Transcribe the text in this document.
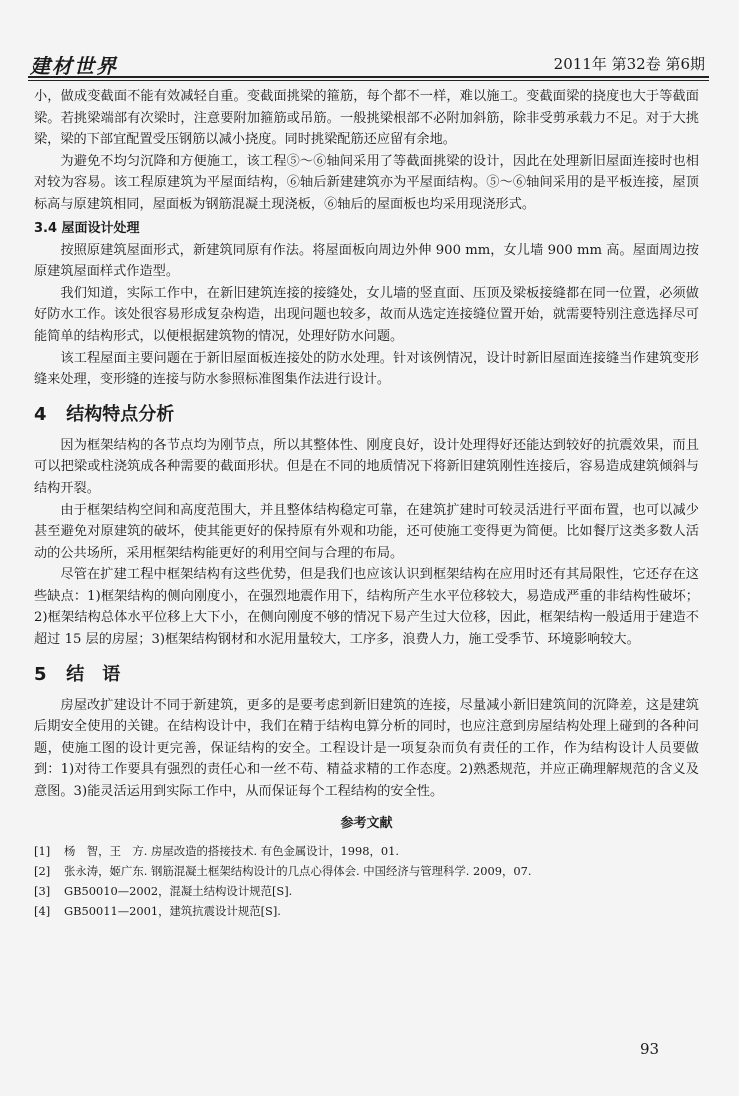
建材世界	2011年 第32卷 第6期

小，做成变截面不能有效减轻自重。变截面挑梁的箍筋，每个都不一样，难以施工。变截面梁的挠度也大于等截面梁。若挑梁端部有次梁时，注意要附加箍筋或吊筋。一般挑梁根部不必附加斜筋，除非受剪承载力不足。对于大挑梁，梁的下部宜配置受压钢筋以减小挠度。同时挑梁配筋还应留有余地。

为避免不均匀沉降和方便施工，该工程⑤～⑥轴间采用了等截面挑梁的设计，因此在处理新旧屋面连接时也相对较为容易。该工程原建筑为平屋面结构，⑥轴后新建建筑亦为平屋面结构。⑤～⑥轴间采用的是平板连接，屋顶标高与原建筑相同，屋面板为钢筋混凝土现浇板，⑥轴后的屋面板也均采用现浇形式。

3.4 屋面设计处理

按照原建筑屋面形式，新建筑同原有作法。将屋面板向周边外伸 900 mm，女儿墙 900 mm 高。屋面周边按原建筑屋面样式作造型。

我们知道，实际工作中，在新旧建筑连接的接缝处，女儿墙的竖直面、压顶及梁板接缝都在同一位置，必须做好防水工作。该处很容易形成复杂构造，出现问题也较多，故而从选定连接缝位置开始，就需要特别注意选择尽可能简单的结构形式，以便根据建筑物的情况，处理好防水问题。

该工程屋面主要问题在于新旧屋面板连接处的防水处理。针对该例情况，设计时新旧屋面连接缝当作建筑变形缝来处理，变形缝的连接与防水参照标准图集作法进行设计。

4 结构特点分析

因为框架结构的各节点均为刚节点，所以其整体性、刚度良好，设计处理得好还能达到较好的抗震效果，而且可以把梁或柱浇筑成各种需要的截面形状。但是在不同的地质情况下将新旧建筑刚性连接后，容易造成建筑倾斜与结构开裂。

由于框架结构空间和高度范围大，并且整体结构稳定可靠，在建筑扩建时可较灵活进行平面布置，也可以减少甚至避免对原建筑的破坏，使其能更好的保持原有外观和功能，还可使施工变得更为简便。比如餐厅这类多数人活动的公共场所，采用框架结构能更好的利用空间与合理的布局。

尽管在扩建工程中框架结构有这些优势，但是我们也应该认识到框架结构在应用时还有其局限性，它还存在这些缺点：1)框架结构的侧向刚度小，在强烈地震作用下，结构所产生水平位移较大，易造成严重的非结构性破坏；2)框架结构总体水平位移上大下小，在侧向刚度不够的情况下易产生过大位移，因此，框架结构一般适用于建造不超过 15 层的房屋；3)框架结构钢材和水泥用量较大，工序多，浪费人力，施工受季节、环境影响较大。

5 结　语

房屋改扩建设计不同于新建筑，更多的是要考虑到新旧建筑的连接，尽量减小新旧建筑间的沉降差，这是建筑后期安全使用的关键。在结构设计中，我们在精于结构电算分析的同时，也应注意到房屋结构处理上碰到的各种问题，使施工图的设计更完善，保证结构的安全。工程设计是一项复杂而负有责任的工作，作为结构设计人员要做到：1)对待工作要具有强烈的责任心和一丝不苟、精益求精的工作态度。2)熟悉规范，并应正确理解规范的含义及意图。3)能灵活运用到实际工作中，从而保证每个工程结构的安全性。

参考文献

[1] 杨　智，王　方. 房屋改造的搭接技术. 有色金属设计，1998，01.

[2] 张永涛，姬广东. 钢筋混凝土框架结构设计的几点心得体会. 中国经济与管理科学. 2009，07.

[3] GB50010—2002，混凝土结构设计规范[S].

[4] GB50011—2001，建筑抗震设计规范[S].

93
